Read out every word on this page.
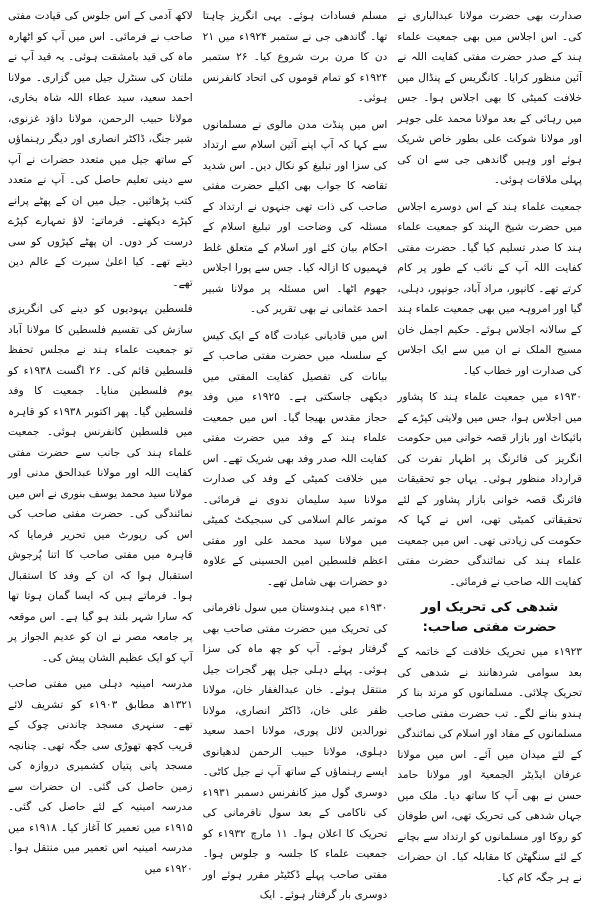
صدارت بھی حضرت مولانا عبدالباری نے کی۔ اس اجلاس میں بھی جمعیت علماء ہند کے صدر حضرت مفتی کفایت اللہ نے آئین منظور کرایا۔ کانگریس کے پنڈال میں خلافت کمیٹی کا بھی اجلاس ہوا۔ جس میں رہائی کے بعد مولانا محمد علی جوہر اور مولانا شوکت علی بطور خاص شریک ہوئے اور وہیں گاندھی جی سے ان کی پہلی ملاقات ہوئی۔

جمعیت علماء ہند کے اس دوسرے اجلاس میں حضرت شیخ الہند کو جمعیت علماء ہند کا صدر تسلیم کیا گیا۔ حضرت مفتی کفایت اللہ آپ کے نائب کے طور پر کام کرتے تھے۔ کانپور، مراد آباد، جونپور، دہلی، گیا اور امروہہ میں بھی جمعیت علماء ہند کے سالانہ اجلاس ہوئے۔ حکیم اجمل خان مسیح الملک نے ان میں سے ایک اجلاس کی صدارت اور خطاب کیا۔

۱۹۳۰ء میں جمعیت علماء ہند کا پشاور میں اجلاس ہوا، جس میں ولایتی کپڑے کے بائیکاٹ اور بازار قصہ خوانی میں حکومت انگریز کی فائرنگ پر اظہار نفرت کی قرارداد منظور ہوئی۔ یہاں جو تحقیقات فائرنگ قصہ خوانی بازار پشاور کے لئے تحقیقاتی کمیٹی تھی، اس نے کہا کہ حکومت کی زیادتی تھی۔ اس میں جمعیت علماء ہند کی نمائندگی حضرت مفتی کفایت اللہ صاحب نے فرمائی۔

شدھی کی تحریک اور حضرت مفتی صاحب:

۱۹۲۳ء میں تحریک خلافت کے خاتمہ کے بعد سوامی شردھانند نے شدھی کی تحریک چلائی۔ مسلمانوں کو مرتد بنا کر ہندو بنانے لگے۔ تب حضرت مفتی صاحب مسلمانوں کے مفاد اور اسلام کی نمائندگی کے لئے میدان میں آئے۔ اس میں مولانا عرفان ایڈیٹر الجمعیۃ اور مولانا حامد حسن نے بھی آپ کا ساتھ دیا۔ ملک میں جہاں شدھی کی تحریک تھی، اس طوفان کو روکا اور مسلمانوں کو ارتداد سے بچانے کے لئے سنگھٹن کا مقابلہ کیا۔ ان حضرات نے ہر جگہ کام کیا۔

مسلم فسادات ہوئے۔ یہی انگریز چاہتا تھا۔ گاندھی جی نے ستمبر ۱۹۲۴ء میں ۲۱ دن کا مرن برت شروع کیا۔ ۲۶ ستمبر ۱۹۲۴ء کو تمام قوموں کی اتحاد کانفرنس ہوئی۔

اس میں پنڈت مدن مالوی نے مسلمانوں سے کہا کہ آپ اپنے آئین اسلام سے ارتداد کی سزا اور تبلیغ کو نکال دیں۔ اس شدید تقاضہ کا جواب بھی اکیلے حضرت مفتی صاحب کی ذات تھی جنہوں نے ارتداد کے مسئلہ کی وضاحت اور تبلیغ اسلام کے احکام بیان کئے اور اسلام کے متعلق غلط فہمیوں کا ازالہ کیا۔ جس سے پورا اجلاس جھوم اٹھا۔ اس مسئلہ پر مولانا شبیر احمد عثمانی نے بھی تقریر کی۔

اس میں قادیانی عبادت گاہ کے ایک کیس کے سلسلہ میں حضرت مفتی صاحب کے بیانات کی تفصیل کفایت المفتی میں دیکھی جاسکتی ہے۔ ۱۹۲۵ء میں وفد حجاز مقدس بھیجا گیا۔ اس میں جمعیت علماء ہند کے وفد میں حضرت مفتی کفایت اللہ صدر وفد بھی شریک تھے۔ اس میں خلافت کمیٹی کے وفد کی صدارت مولانا سید سلیمان ندوی نے فرمائی۔ موتمر عالم اسلامی کی سبجیکٹ کمیٹی میں مولانا سید محمد علی اور مفتی اعظم فلسطین امین الحسینی کے علاوہ دو حضرات بھی شامل تھے۔

۱۹۳۰ء میں ہندوستان میں سول نافرمانی کی تحریک میں حضرت مفتی صاحب بھی گرفتار ہوئے۔ آپ کو چھ ماہ کی سزا ہوئی۔ پہلے دہلی جیل پھر گجرات جیل منتقل ہوئے۔ خان عبدالغفار خان، مولانا ظفر علی خان، ڈاکٹر انصاری، مولانا نورالدین لائل پوری، مولانا احمد سعید دہلوی، مولانا حبیب الرحمن لدھیانوی ایسے رہنماؤں کے ساتھ آپ نے جیل کاٹی۔ دوسری گول میز کانفرنس دسمبر ۱۹۳۱ء کی ناکامی کے بعد سول نافرمانی کی تحریک کا اعلان ہوا۔ ۱۱ مارچ ۱۹۳۲ء کو جمعیت علماء کا جلسہ و جلوس ہوا۔ مفتی صاحب پہلے ڈکٹیٹر مقرر ہوئے اور دوسری بار گرفتار ہوئے۔ ایک

لاکھ آدمی کے اس جلوس کی قیادت مفتی صاحب نے فرمائی۔ اس میں آپ کو اٹھارہ ماہ کی قید بامشقت ہوئی۔ یہ قید آپ نے ملتان کی سنٹرل جیل میں گزاری۔ مولانا احمد سعید، سید عطاء اللہ شاہ بخاری، مولانا حبیب الرحمن، مولانا داؤد غزنوی، شیر جنگ، ڈاکٹر انصاری اور دیگر رہنماؤں کے ساتھ جیل میں متعدد حضرات نے آپ سے دینی تعلیم حاصل کی۔ آپ نے متعدد کتب پڑھائیں۔ جیل میں ان کے پھٹے پرانے کپڑے دیکھتے۔ فرماتے: لاؤ تمہارے کپڑے درست کر دوں۔ ان پھٹے کپڑوں کو سی دیتے تھے۔ کیا اعلیٰ سیرت کے عالم دین تھے۔

فلسطین یہودیوں کو دینے کی انگریزی سازش کی تقسیم فلسطین کا مولانا آباد تو جمعیت علماء ہند نے مجلس تحفظ فلسطین قائم کی۔ ۲۶ اگست ۱۹۳۸ء کو یوم فلسطین منایا۔ جمعیت کا وفد فلسطین گیا۔ پھر اکتوبر ۱۹۳۸ء کو قاہرہ میں فلسطین کانفرنس ہوئی۔ جمعیت علماء ہند کی جانب سے حضرت مفتی کفایت اللہ اور مولانا عبدالحق مدنی اور مولانا سید محمد یوسف بنوری نے اس میں نمائندگی کی۔ حضرت مفتی صاحب کی اس کی رپورٹ میں تحریر فرمایا کہ قاہرہ میں مفتی صاحب کا اتنا پُرجوش استقبال ہوا کہ ان کے وفد کا استقبال ہوا۔ فرماتے ہیں کہ ایسا گمان ہوتا تھا کہ سارا شہر بلند ہو گیا ہے۔ اس موقعہ پر جامعہ مصر نے ان کو عدیم الجواز پر آپ کو ایک عظیم الشان پیش کی۔

مدرسہ امینیہ دہلی میں مفتی صاحب ۱۳۲۱ھ مطابق ۱۹۰۳ء کو تشریف لائے تھے۔ سنہری مسجد چاندنی چوک کے قریب کچھ تھوڑی سی جگہ تھی۔ چنانچہ مسجد پانی پتیاں کشمیری دروازہ کی زمین حاصل کی گئی۔ ان حضرات سے مدرسہ امینیہ کے لئے حاصل کی گئی۔ ۱۹۱۵ء میں تعمیر کا آغاز کیا۔ ۱۹۱۸ء میں مدرسہ امینیہ اس تعمیر میں منتقل ہوا۔ ۱۹۲۰ء میں
